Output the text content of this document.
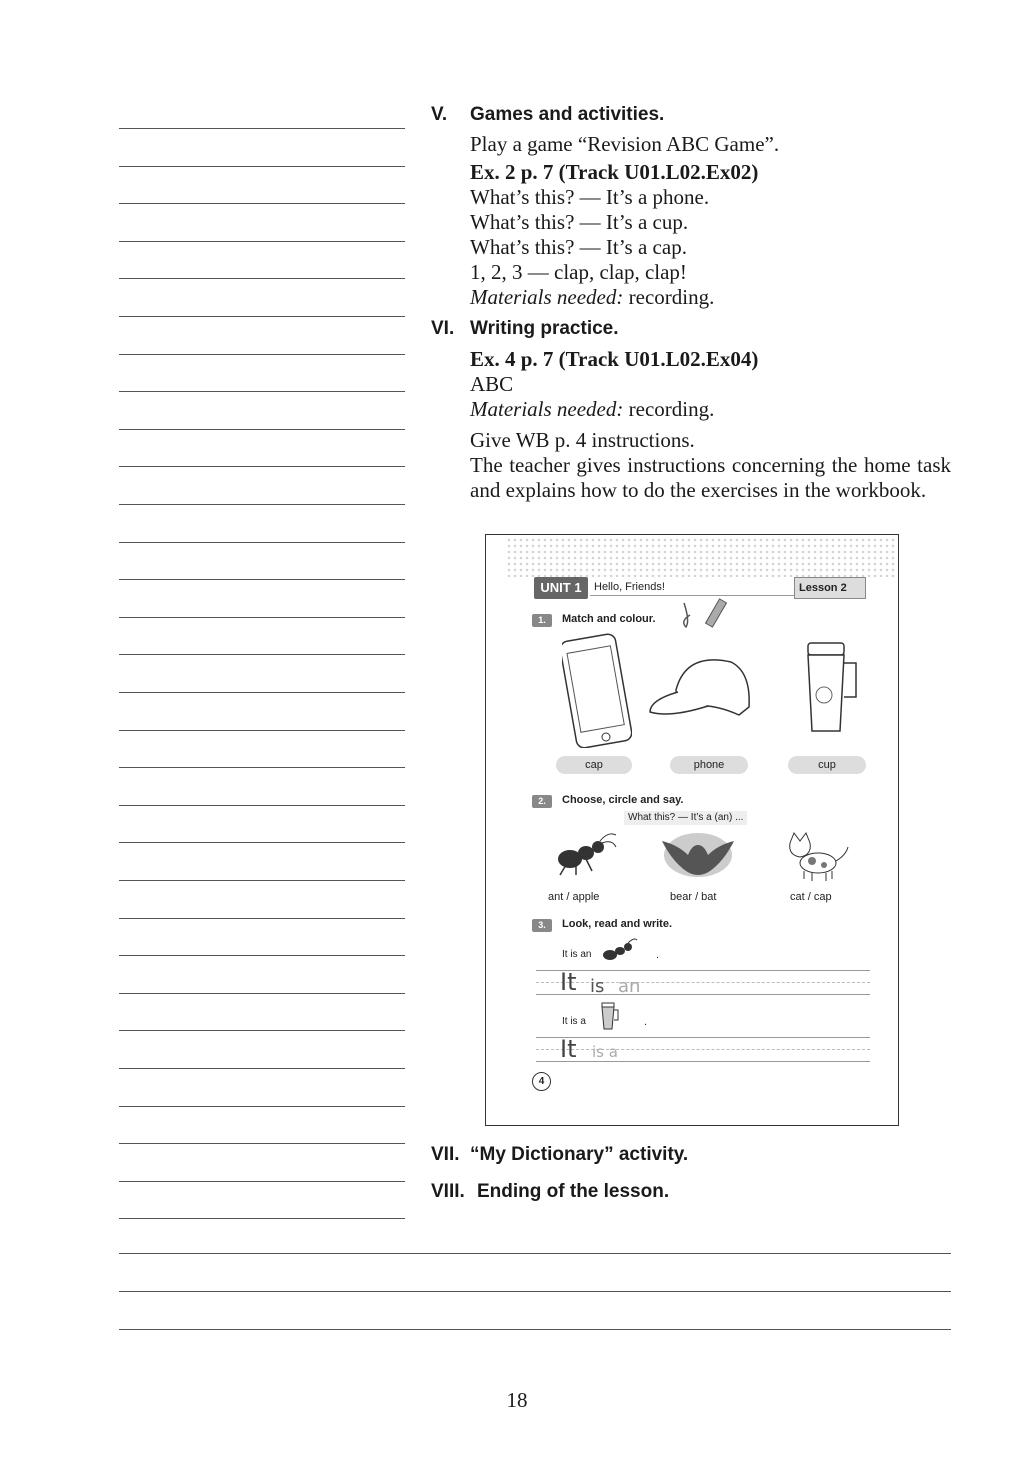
V. Games and activities.
Play a game “Revision ABC Game”.
Ex. 2 p. 7 (Track U01.L02.Ex02)
What’s this? — It’s a phone.
What’s this? — It’s a cup.
What’s this? — It’s a cap.
1, 2, 3 — clap, clap, clap!
Materials needed: recording.
VI. Writing practice.
Ex. 4 p. 7 (Track U01.L02.Ex04)
ABC
Materials needed: recording.
Give WB p. 4 instructions.
The teacher gives instructions concerning the home task and explains how to do the exercises in the workbook.
UNIT 1	Hello, Friends!	Lesson 2
1.	Match and colour.
cap	phone	cup
2.	Choose, circle and say.
What this? — It’s a (an) ...
ant / apple	bear / bat	cat / cap
3.	Look, read and write.
It is an	.
It is an
It is a	.
It is a
4
VII. “My Dictionary” activity.
VIII. Ending of the lesson.
18
